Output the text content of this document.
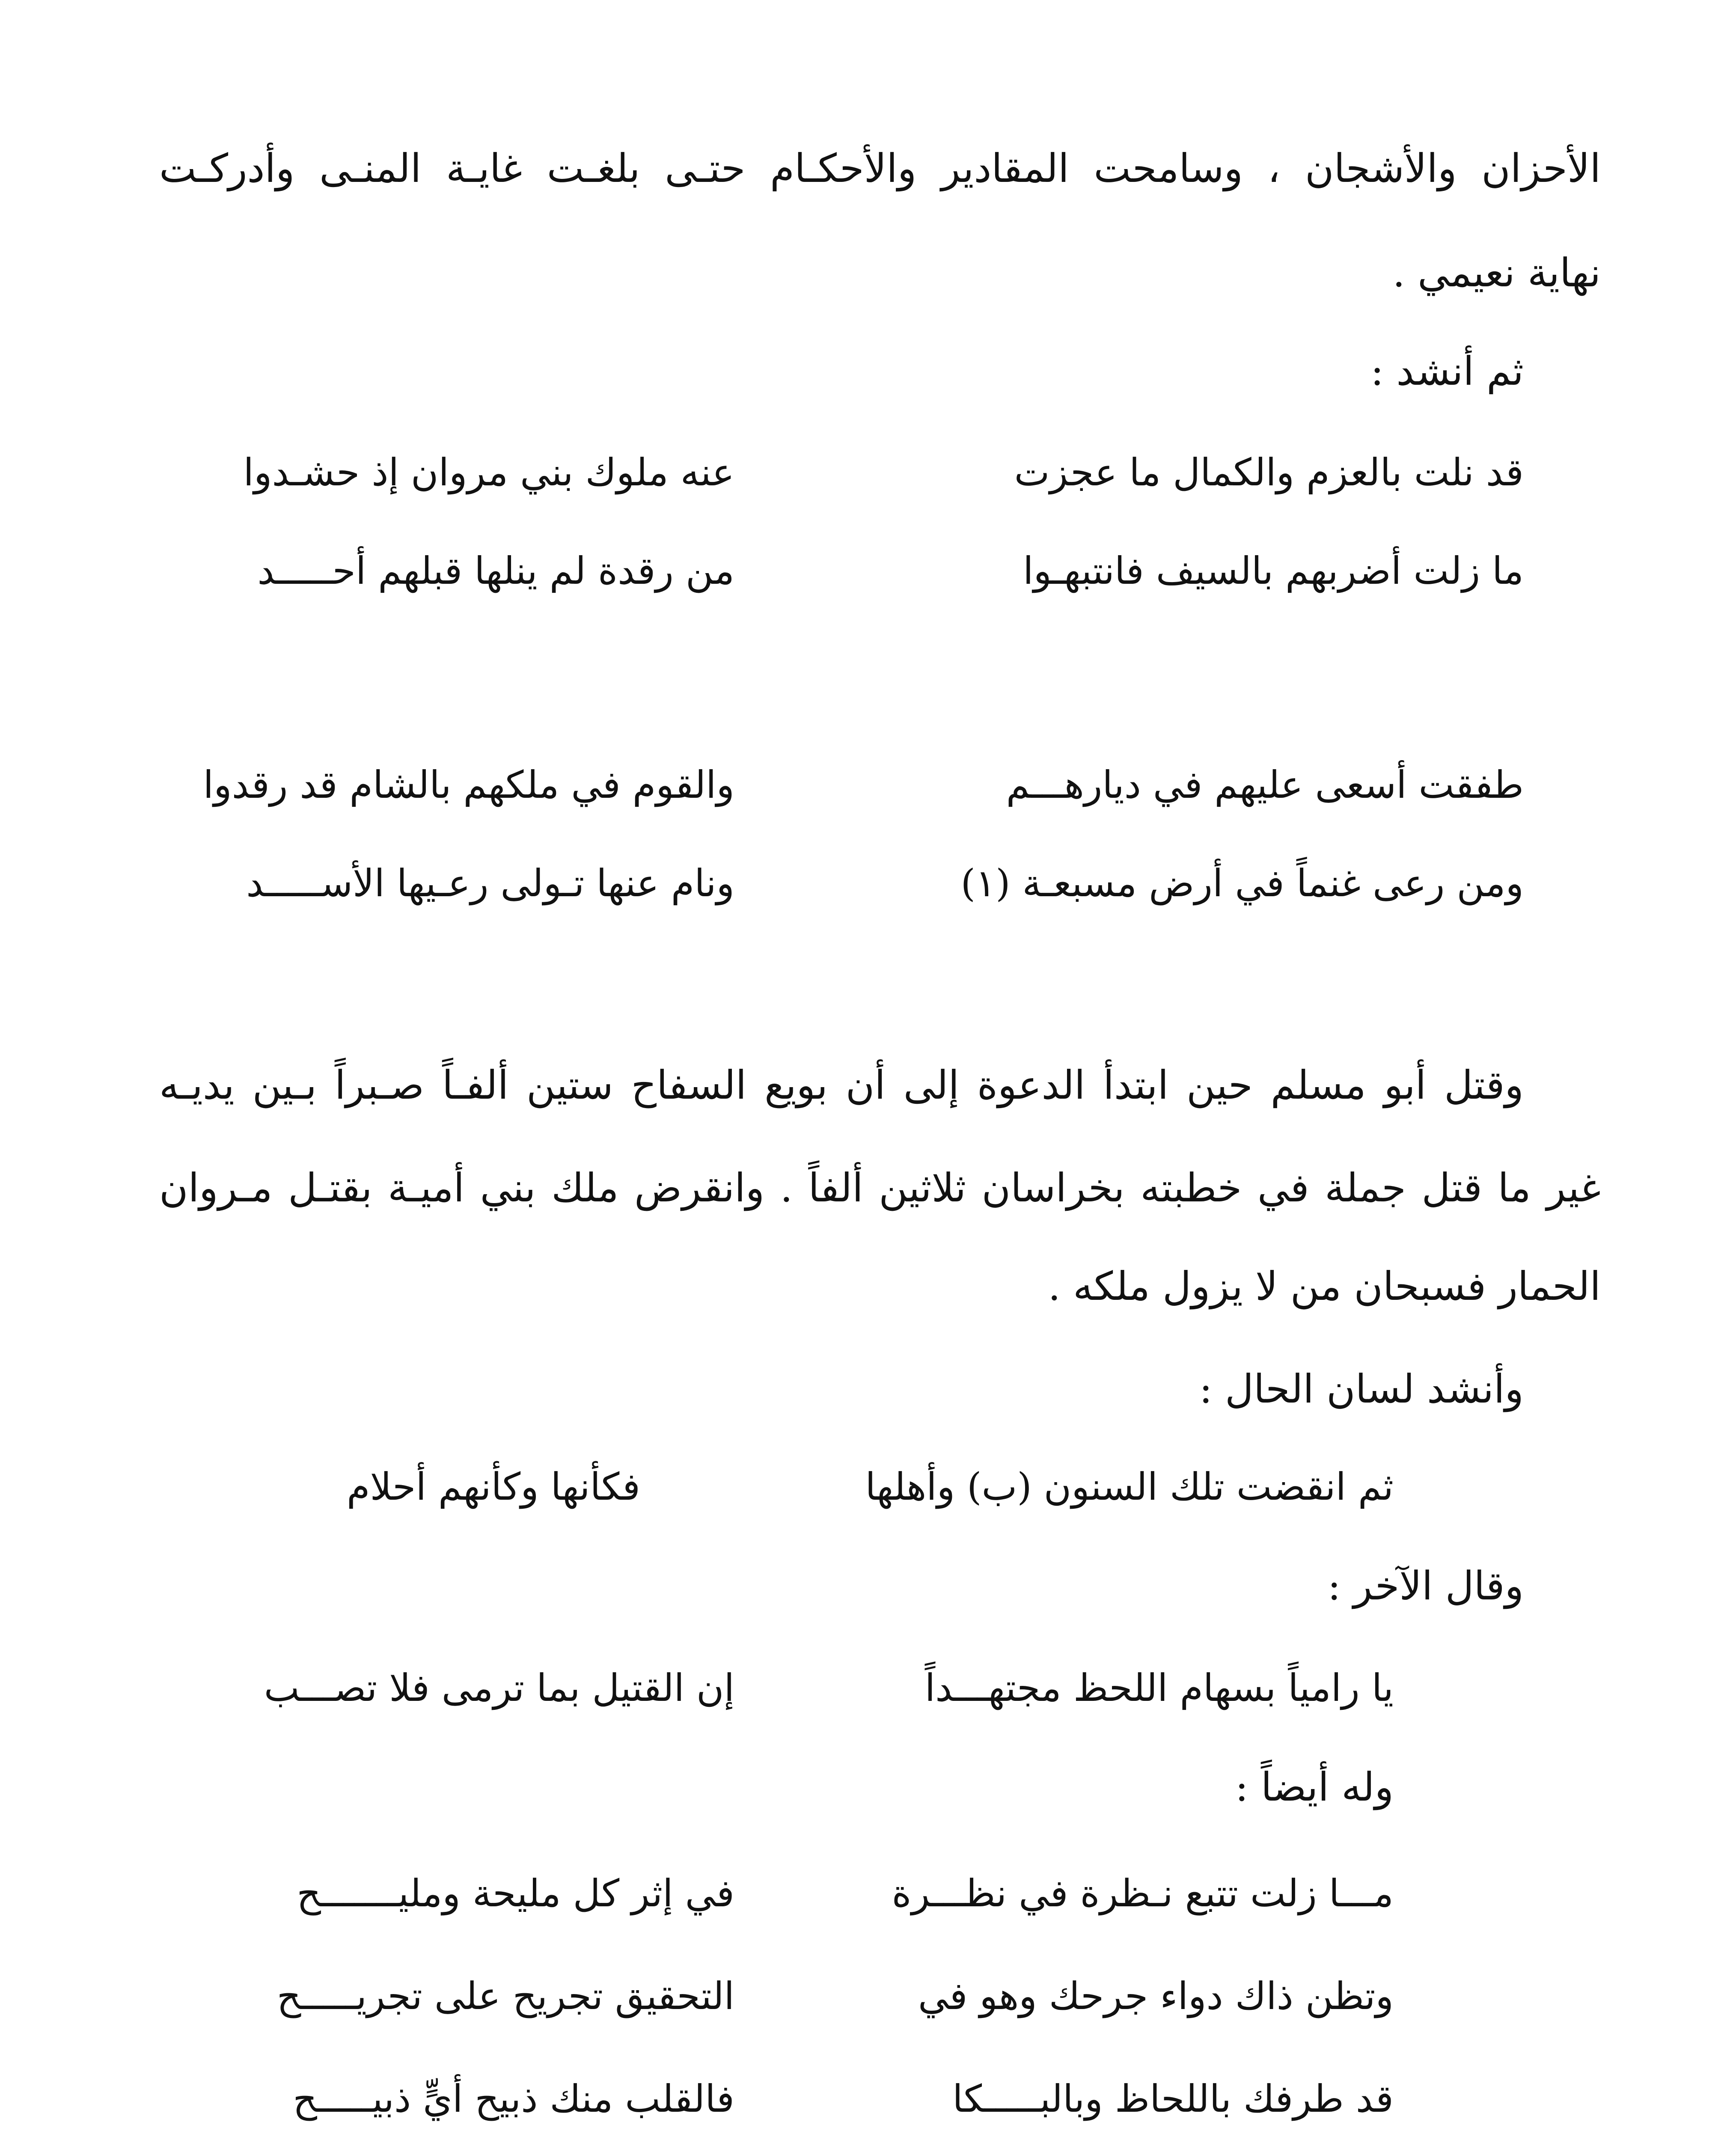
الأحزان والأشجان ، وسامحت المقادير والأحكـام حتـى بلغـت غايـة المنـى وأدركـت
نهاية نعيمي .
ثم أنشد :
قد نلت بالعزم والكمال ما عجزت
عنه ملوك بني مروان إذ حشـدوا
ما زلت أضربهم بالسيف فانتبهـوا
من رقدة لم ينلها قبلهم أحـــــد
طفقت أسعى عليهم في ديارهـــم
والقوم في ملكهم بالشام قد رقدوا
ومن رعى غنماً في أرض مسبعـة (١)
ونام عنها تـولى رعـيها الأســـــد
وقتل أبو مسلم حين ابتدأ الدعوة إلى أن بويع السفاح ستين ألفـاً صـبراً بـين يديـه
غير ما قتل جملة في خطبته بخراسان ثلاثين ألفاً . وانقرض ملك بني أميـة بقتـل مـروان
الحمار فسبحان من لا يزول ملكه .
وأنشد لسان الحال :
ثم انقضت تلك السنون (ب) وأهلها
فكأنها وكأنهم أحلام
وقال الآخر :
يا رامياً بسهام اللحظ مجتهـــداً
إن القتيل بما ترمى فلا تصـــب
وله أيضاً :
مـــا زلت تتبع نـظرة في نظـــرة
في إثر كل مليحة ومليـــــــح
وتظن ذاك دواء جرحك وهو في
التحقيق تجريح على تجريـــــح
قد طرفك باللحاظ وبالبـــــكا
فالقلب منك ذبيح أيٍّ ذبيـــــح
